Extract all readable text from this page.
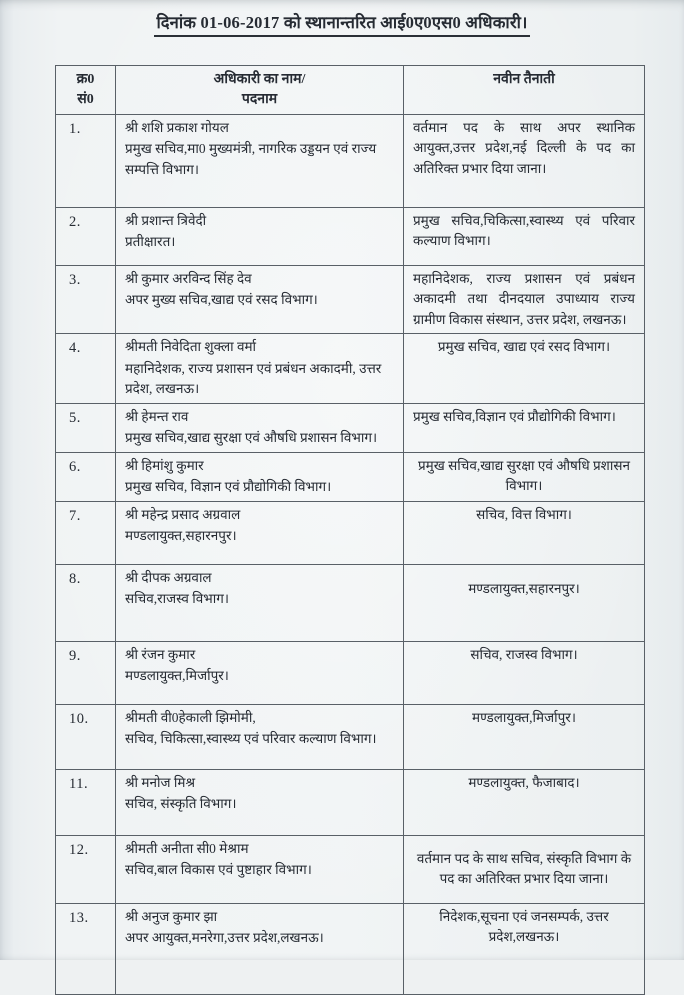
दिनांक 01-06-2017 को स्थानान्तरित आई0ए0एस0 अधिकारी।
क्र0
सं0

अधिकारी का नाम/
पदनाम
	नवीन तैनाती
1.	श्री शशि प्रकाश गोयल
प्रमुख सचिव,मा0 मुख्यमंत्री, नागरिक उड्डयन एवं राज्य सम्पत्ति विभाग।	वर्तमान पद के साथ अपर स्थानिक आयुक्त,उत्तर प्रदेश,नई दिल्ली के पद का अतिरिक्त प्रभार दिया जाना।
2.	श्री प्रशान्त त्रिवेदी
प्रतीक्षारत।	प्रमुख सचिव,चिकित्सा,स्वास्थ्य एवं परिवार कल्याण विभाग।
3.	श्री कुमार अरविन्द सिंह देव
अपर मुख्य सचिव,खाद्य एवं रसद विभाग।	महानिदेशक, राज्य प्रशासन एवं प्रबंधन अकादमी तथा दीनदयाल उपाध्याय राज्य ग्रामीण विकास संस्थान, उत्तर प्रदेश, लखनऊ।
4.	श्रीमती निवेदिता शुक्ला वर्मा
महानिदेशक, राज्य प्रशासन एवं प्रबंधन अकादमी, उत्तर प्रदेश, लखनऊ।	प्रमुख सचिव, खाद्य एवं रसद विभाग।
5.	श्री हेमन्त राव
प्रमुख सचिव,खाद्य सुरक्षा एवं औषधि प्रशासन विभाग।	प्रमुख सचिव,विज्ञान एवं प्रौद्योगिकी विभाग।
6.	श्री हिमांशु कुमार
प्रमुख सचिव, विज्ञान एवं प्रौद्योगिकी विभाग।	प्रमुख सचिव,खाद्य सुरक्षा एवं औषधि प्रशासन विभाग।
7.	श्री महेन्द्र प्रसाद अग्रवाल
मण्डलायुक्त,सहारनपुर।	सचिव, वित्त विभाग।
8.	श्री दीपक अग्रवाल
सचिव,राजस्व विभाग।	मण्डलायुक्त,सहारनपुर।
9.	श्री रंजन कुमार
मण्डलायुक्त,मिर्जापुर।	सचिव, राजस्व विभाग।
10.	श्रीमती वी0हेकाली झिमोमी,
सचिव, चिकित्सा,स्वास्थ्य एवं परिवार कल्याण विभाग।	मण्डलायुक्त,मिर्जापुर।
11.	श्री मनोज मिश्र
सचिव, संस्कृति विभाग।	मण्डलायुक्त, फैजाबाद।
12.	श्रीमती अनीता सी0 मेश्राम
सचिव,बाल विकास एवं पुष्टाहार विभाग।	वर्तमान पद के साथ सचिव, संस्कृति विभाग के पद का अतिरिक्त प्रभार दिया जाना।
13.	श्री अनुज कुमार झा
अपर आयुक्त,मनरेगा,उत्तर प्रदेश,लखनऊ।	निदेशक,सूचना एवं जनसम्पर्क, उत्तर प्रदेश,लखनऊ।
